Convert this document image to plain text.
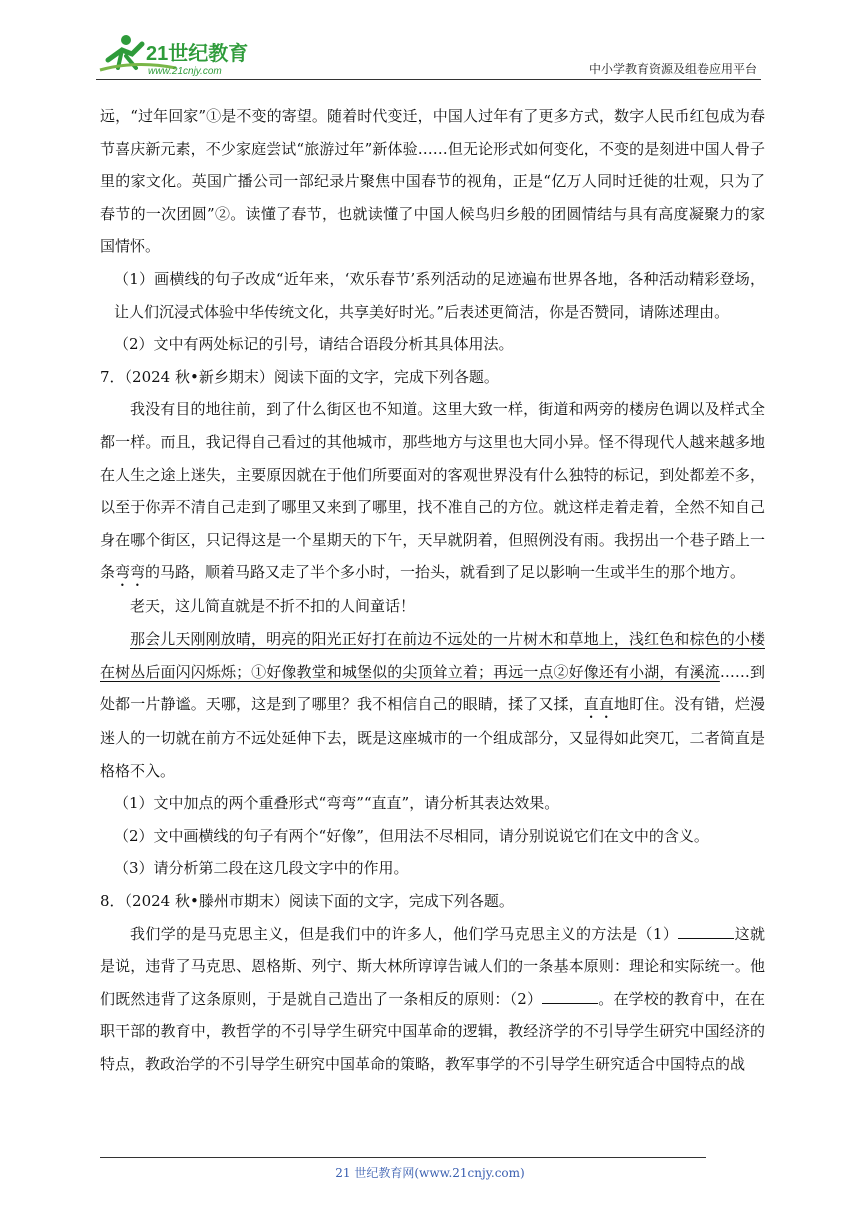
21世纪教育
www.21cnjy.com	中小学教育资源及组卷应用平台

远，“过年回家”①是不变的寄望。随着时代变迁，中国人过年有了更多方式，数字人民币红包成为春节喜庆新元素，不少家庭尝试“旅游过年”新体验……但无论形式如何变化，不变的是刻进中国人骨子里的家文化。英国广播公司一部纪录片聚焦中国春节的视角，正是“亿万人同时迁徙的壮观，只为了春节的一次团圆”②。读懂了春节，也就读懂了中国人候鸟归乡般的团圆情结与具有高度凝聚力的家国情怀。

（1）画横线的句子改成“近年来，‘欢乐春节’系列活动的足迹遍布世界各地，各种活动精彩登场，让人们沉浸式体验中华传统文化，共享美好时光。”后表述更简洁，你是否赞同，请陈述理由。

（2）文中有两处标记的引号，请结合语段分析其具体用法。

7．（2024 秋•新乡期末）阅读下面的文字，完成下列各题。

我没有目的地往前，到了什么街区也不知道。这里大致一样，街道和两旁的楼房色调以及样式全都一样。而且，我记得自己看过的其他城市，那些地方与这里也大同小异。怪不得现代人越来越多地在人生之途上迷失，主要原因就在于他们所要面对的客观世界没有什么独特的标记，到处都差不多，以至于你弄不清自己走到了哪里又来到了哪里，找不准自己的方位。就这样走着走着，全然不知自己身在哪个街区，只记得这是一个星期天的下午，天早就阴着，但照例没有雨。我拐出一个巷子踏上一条弯弯的马路，顺着马路又走了半个多小时，一抬头，就看到了足以影响一生或半生的那个地方。

老天，这儿简直就是不折不扣的人间童话！

那会儿天刚刚放晴，明亮的阳光正好打在前边不远处的一片树木和草地上，浅红色和棕色的小楼在树丛后面闪闪烁烁；①好像教堂和城堡似的尖顶耸立着；再远一点②好像还有小湖，有溪流……到处都一片静谧。天哪，这是到了哪里？我不相信自己的眼睛，揉了又揉，直直地盯住。没有错，烂漫迷人的一切就在前方不远处延伸下去，既是这座城市的一个组成部分，又显得如此突兀，二者简直是格格不入。

（1）文中加点的两个重叠形式“弯弯”“直直”，请分析其表达效果。

（2）文中画横线的句子有两个“好像”，但用法不尽相同，请分别说说它们在文中的含义。

（3）请分析第二段在这几段文字中的作用。

8．（2024 秋•滕州市期末）阅读下面的文字，完成下列各题。

我们学的是马克思主义，但是我们中的许多人，他们学马克思主义的方法是（1）	这就是说，违背了马克思、恩格斯、列宁、斯大林所谆谆告诫人们的一条基本原则：理论和实际统一。他们既然违背了这条原则，于是就自己造出了一条相反的原则：（2）	。在学校的教育中，在在职干部的教育中，教哲学的不引导学生研究中国革命的逻辑，教经济学的不引导学生研究中国经济的特点，教政治学的不引导学生研究中国革命的策略，教军事学的不引导学生研究适合中国特点的战

21 世纪教育网(www.21cnjy.com)
